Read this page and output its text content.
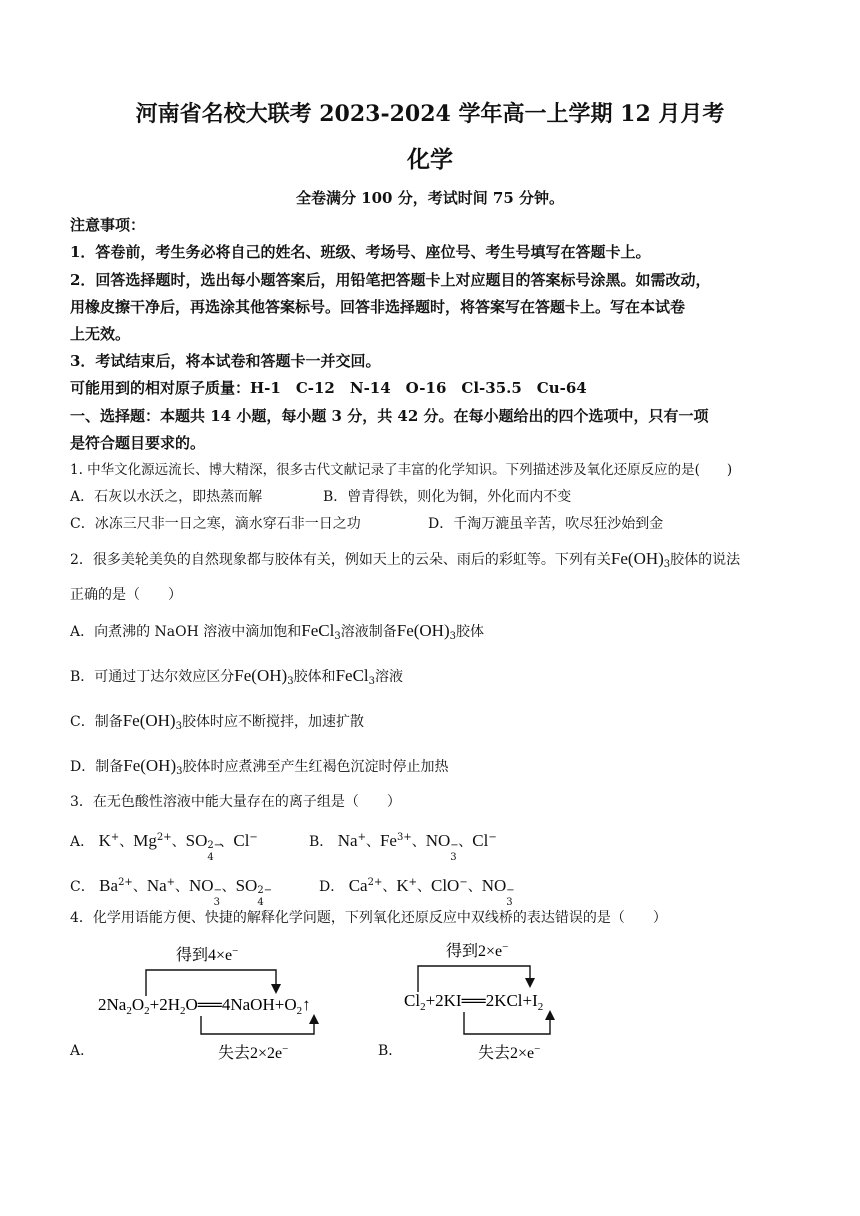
河南省名校大联考 2023-2024 学年高一上学期 12 月月考
化学
全卷满分 100 分，考试时间 75 分钟。
注意事项：
1．答卷前，考生务必将自己的姓名、班级、考场号、座位号、考生号填写在答题卡上。
2．回答选择题时，选出每小题答案后，用铅笔把答题卡上对应题目的答案标号涂黑。如需改动，
用橡皮擦干净后，再选涂其他答案标号。回答非选择题时，将答案写在答题卡上。写在本试卷
上无效。
3．考试结束后，将本试卷和答题卡一并交回。
可能用到的相对原子质量：H-1　C-12　N-14　O-16　Cl-35.5　Cu-64
一、选择题：本题共 14 小题，每小题 3 分，共 42 分。在每小题给出的四个选项中，只有一项
是符合题目要求的。
1. 中华文化源远流长、博大精深，很多古代文献记录了丰富的化学知识。下列描述涉及氧化还原反应的是(　　)
A．石灰以水沃之，即热蒸而解	B．曾青得铁，则化为铜，外化而内不变
C．冰冻三尺非一日之寒，滴水穿石非一日之功	D．千淘万漉虽辛苦，吹尽狂沙始到金
2．很多美轮美奂的自然现象都与胶体有关，例如天上的云朵、雨后的彩虹等。下列有关$Fe(OH)_3$胶体的说法
正确的是（　　）
A．向煮沸的 NaOH 溶液中滴加饱和FeCl$_3$溶液制备$Fe(OH)_3$胶体
B．可通过丁达尔效应区分$Fe(OH)_3$胶体和FeCl$_3$溶液
C．制备$Fe(OH)_3$胶体时应不断搅拌，加速扩散
D．制备$Fe(OH)_3$胶体时应煮沸至产生红褐色沉淀时停止加热
3．在无色酸性溶液中能大量存在的离子组是（　　）
A． K+、$Mg^{2+}$、SO 2−
4
、Cl−	B． Na+、$Fe^{3+}$、NO −
3
、Cl−
C． $Ba^{2+}$、Na+、NO −
3
、SO 2−
4
D． $Ca^{2+}$、K+、ClO−、NO −
3
4．化学用语能方便、快捷的解释化学问题，下列氧化还原反应中双线桥的表达错误的是（　　）
得到4×e−
$2Na_2O_2+2H_2O══4NaOH+O_2↑$
失去2×2e−
A．
得到2×e−
$Cl_2+2KI══2KCl+I_2$
失去2×e−
B．
